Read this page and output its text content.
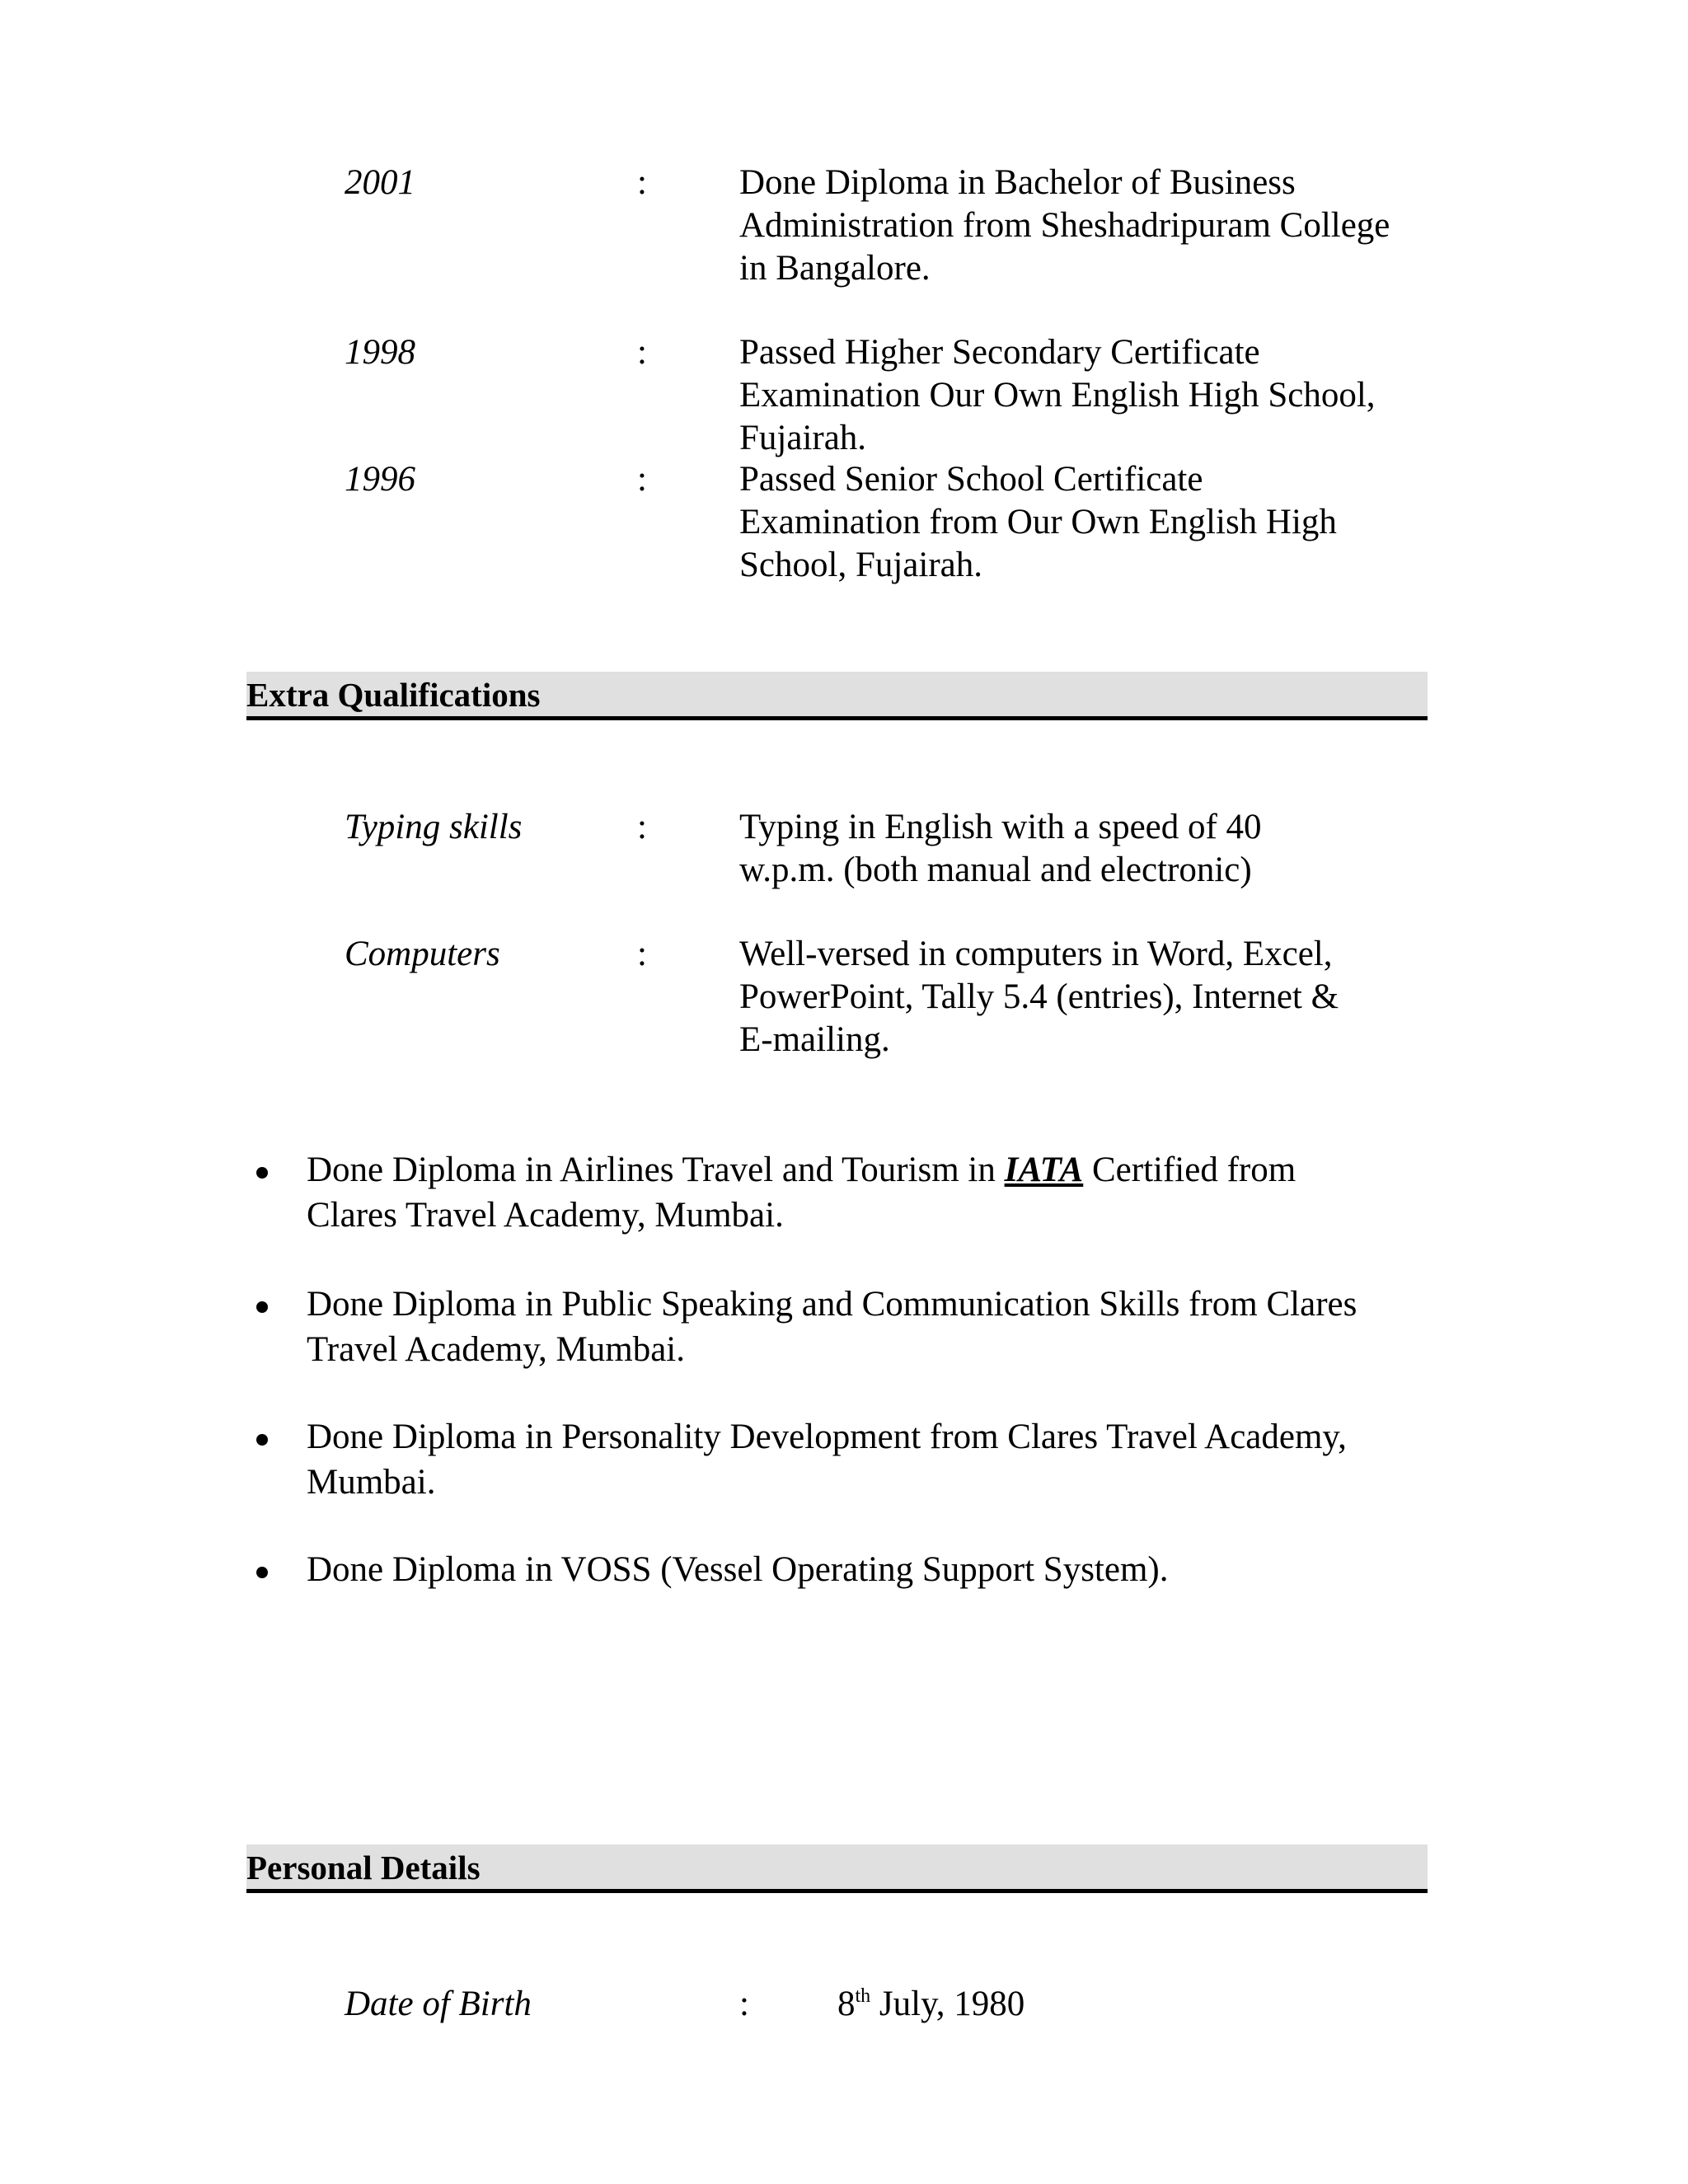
2001	:	Done Diploma in Bachelor of Business
Administration from Sheshadripuram College
in Bangalore.
1998	:	Passed Higher Secondary Certificate
Examination Our Own English High School,
Fujairah.
1996	:	Passed Senior School Certificate
Examination from Our Own English High
School, Fujairah.
Extra Qualifications
Typing skills	:	Typing in English with a speed of 40
w.p.m. (both manual and electronic)
Computers	:	Well-versed in computers in Word, Excel,
PowerPoint, Tally 5.4 (entries), Internet &
E-mailing.
Done Diploma in Airlines Travel and Tourism in IATA Certified from
Clares Travel Academy, Mumbai.
Done Diploma in Public Speaking and Communication Skills from Clares
Travel Academy, Mumbai.
Done Diploma in Personality Development from Clares Travel Academy,
Mumbai.
Done Diploma in VOSS (Vessel Operating Support System).
Personal Details
Date of Birth	: 8th July, 1980
